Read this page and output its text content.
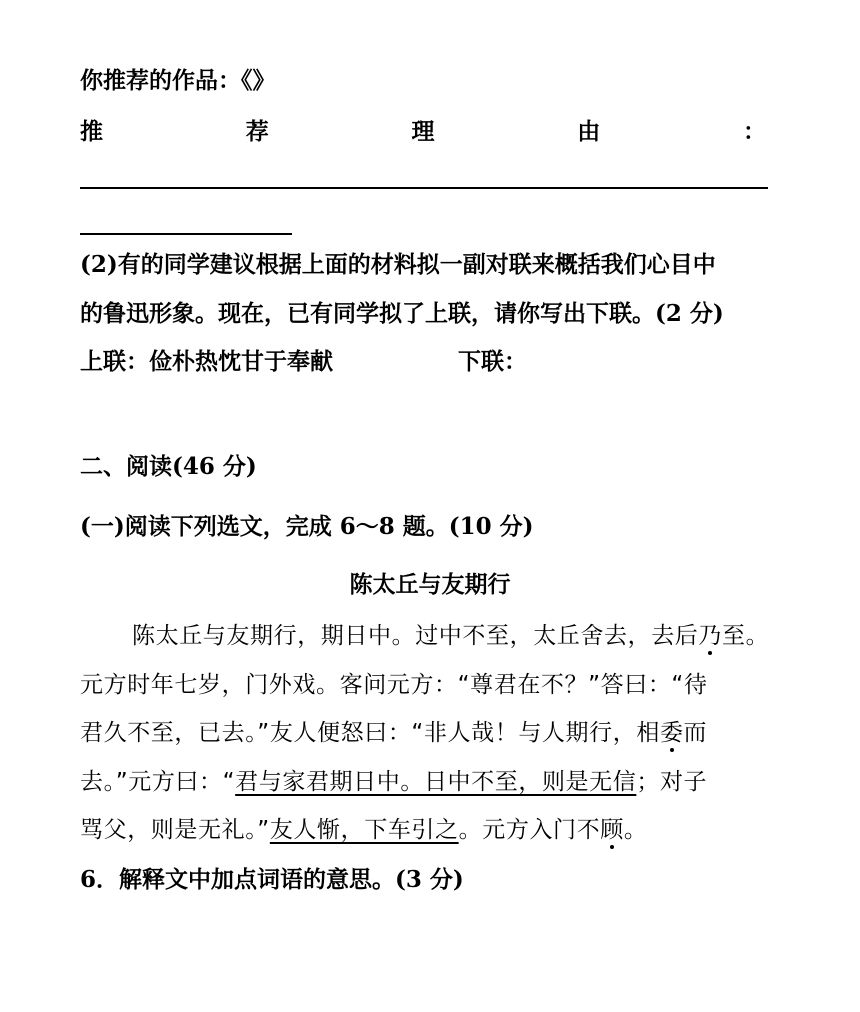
你推荐的作品：《》
推	荐	理	由	：
(2)有的同学建议根据上面的材料拟一副对联来概括我们心目中
的鲁迅形象。现在，已有同学拟了上联，请你写出下联。(2 分)
上联：俭朴热忱甘于奉献	下联：
二、阅读(46 分)
(一)阅读下列选文，完成 6～8 题。(10 分)
陈太丘与友期行
陈太丘与友期行，期日中。过中不至，太丘舍去，去后乃至。
元方时年七岁，门外戏。客问元方：“尊君在不？”答曰：“待
君久不至，已去。”友人便怒曰：“非人哉！与人期行，相委而
去。”元方曰：“君与家君期日中。日中不至，则是无信；对子
骂父，则是无礼。”友人惭，下车引之。元方入门不顾。
6．解释文中加点词语的意思。(3 分)
